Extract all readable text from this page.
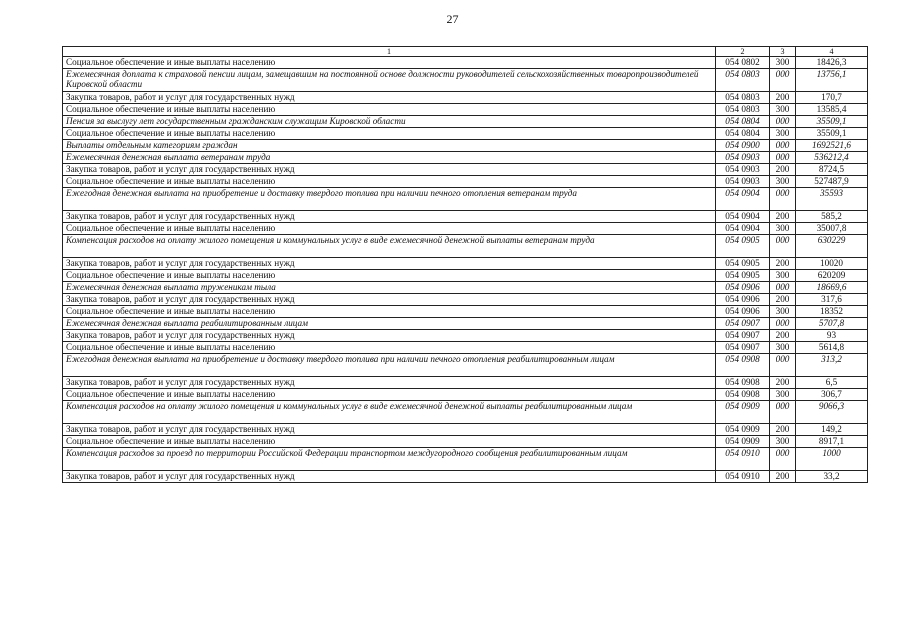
27
1	2	3	4
Социальное обеспечение и иные выплаты населению	054 0802	300	18426,3
Ежемесячная доплата к страховой пенсии лицам, замещавшим на постоянной основе должности руководителей сельскохозяйственных товаропроизводителей Кировской области	054 0803	000	13756,1
Закупка товаров, работ и услуг для государственных нужд	054 0803	200	170,7
Социальное обеспечение и иные выплаты населению	054 0803	300	13585,4
Пенсия за выслугу лет государственным гражданским служащим Кировской области	054 0804	000	35509,1
Социальное обеспечение и иные выплаты населению	054 0804	300	35509,1
Выплаты отдельным категориям граждан	054 0900	000	1692521,6
Ежемесячная денежная выплата ветеранам труда	054 0903	000	536212,4
Закупка товаров, работ и услуг для государственных нужд	054 0903	200	8724,5
Социальное обеспечение и иные выплаты населению	054 0903	300	527487,9
Ежегодная денежная выплата на приобретение и доставку твердого топлива при наличии печного отопления ветеранам труда	054 0904	000	35593
Закупка товаров, работ и услуг для государственных нужд	054 0904	200	585,2
Социальное обеспечение и иные выплаты населению	054 0904	300	35007,8
Компенсация расходов на оплату жилого помещения и коммунальных услуг в виде ежемесячной денежной выплаты ветеранам труда	054 0905	000	630229
Закупка товаров, работ и услуг для государственных нужд	054 0905	200	10020
Социальное обеспечение и иные выплаты населению	054 0905	300	620209
Ежемесячная денежная выплата труженикам тыла	054 0906	000	18669,6
Закупка товаров, работ и услуг для государственных нужд	054 0906	200	317,6
Социальное обеспечение и иные выплаты населению	054 0906	300	18352
Ежемесячная денежная выплата реабилитированным лицам	054 0907	000	5707,8
Закупка товаров, работ и услуг для государственных нужд	054 0907	200	93
Социальное обеспечение и иные выплаты населению	054 0907	300	5614,8
Ежегодная денежная выплата на приобретение и доставку твердого топлива при наличии печного отопления реабилитированным лицам	054 0908	000	313,2
Закупка товаров, работ и услуг для государственных нужд	054 0908	200	6,5
Социальное обеспечение и иные выплаты населению	054 0908	300	306,7
Компенсация расходов на оплату жилого помещения и коммунальных услуг в виде ежемесячной денежной выплаты реабилитированным лицам	054 0909	000	9066,3
Закупка товаров, работ и услуг для государственных нужд	054 0909	200	149,2
Социальное обеспечение и иные выплаты населению	054 0909	300	8917,1
Компенсация расходов за проезд по территории Российской Федерации транспортом междугородного сообщения реабилитированным лицам	054 0910	000	1000
Закупка товаров, работ и услуг для государственных нужд	054 0910	200	33,2
